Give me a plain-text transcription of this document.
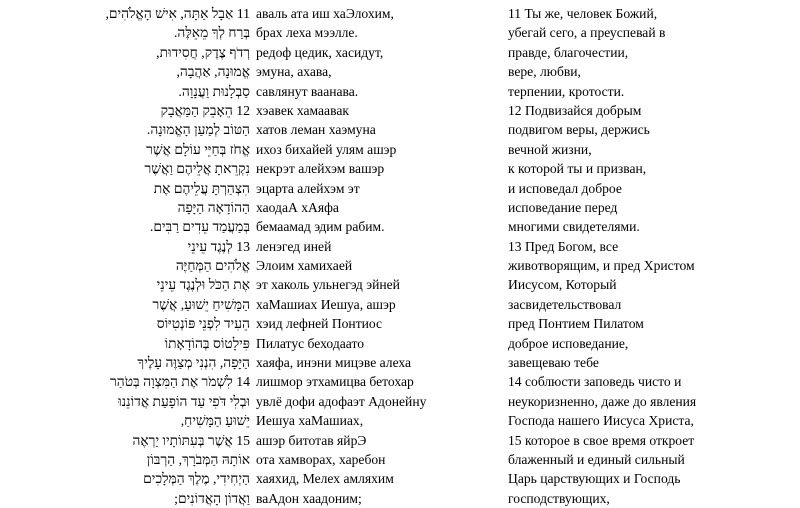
11 אַבָל אַתָּה, אִישׁ הָאֱלֹהִים,
בְּרַח לְךָ מֵאֵלֶּה.
רְדֹף צֶדֶק, חֲסִידוּת,
אֱמוּנָה, אַהֲבָה,
סַבְלָנוּת וַעֲנָוָה.
12 הֵאָבֵק הַמַּאֲבָק
הַטּוֹב לְמַעַן הָאֱמוּנָה.
אֱחֹז בְּחַיֵּי עוֹלָם אֲשֶׁר
נִקְרֵאתָ אֲלֵיהֶם וַאֲשֶׁר
הִצְהַרְתָּ עֲלֵיהֶם אֶת
הַהוֹדָאָה הַיָּפָה
בְּמַעֲמַד עֵדִים רַבִּים.
13 לְנֶגֶד עֵינֵי
אֱלֹהִים הַמְּחַיֶּה
אֶת הַכֹּל וּלְנֶגֶד עֵינֵי
הַמָּשִׁיחַ יֵשׁוּעַ, אֲשֶׁר
הֵעִיד לִפְנֵי פּוֹנְטִיּוֹס
פִּילָטוֹס בְּהוֹדָאָתוֹ
הַיָּפָה, הִנְנִי מְצַוֶּה עָלֶיךָ
14 לִשְׁמֹר אֶת הַמִּצְוָה בְּטֹהַר
וּבְלִי דֹּפִי עַד הוֹפָעַת אֲדוֹנֵנוּ
יֵשׁוּעַ הַמָּשִׁיחַ,
15 אֲשֶׁר בְּעִתּוֹתָיו יַרְאֶה
אוֹתָהּ הַמְּבֹרָךְ, הַרְבּוֹן
הַיְחִידִי, מֶלֶךְ הַמְּלָכִים
וַאֲדוֹן הָאֲדוֹנִים;
аваль ата иш хаЭлохим,
брах леха мээлле.
редоф цедик, хасидут,
эмуна, ахава,
савлянут ваанава.
хэавек хамаавак
хатов леман хаэмуна
ихоз бихайей улям ашэр
некрэт алейхэм вашэр
эцарта алейхэм эт
хаодаА хАяфа
бемаамад эдим рабим.
ленэгед иней
Элоим хамихаей
эт хаколь ульнегэд эйней
хаМашиах Иешуа, ашэр
хэид лефней Понтиос
Пилатус беходаато
хаяфа, инэни мицэве алеха
лишмор этхамицва бетохар
увлё дофи адофаэт Адонейну
Иешуа хаМашиах,
ашэр битотав яйрЭ
ота хамворах, харебон
хаяхид, Мелех амляхим
ваАдон хаадоним;
11 Ты же, человек Божий,
убегай сего, а преуспевай в
правде, благочестии,
вере, любви,
терпении, кротости.
12 Подвизайся добрым
подвигом веры, держись
вечной жизни,
к которой ты и призван,
и исповедал доброе
исповедание перед
многими свидетелями.
13 Пред Богом, все
животворящим, и пред Христом
Иисусом, Который
засвидетельствовал
пред Понтием Пилатом
доброе исповедание,
завещеваю тебе
14 соблюсти заповедь чисто и
неукоризненно, даже до явления
Господа нашего Иисуса Христа,
15 которое в свое время откроет
блаженный и единый сильный
Царь царствующих и Господь
господствующих,
